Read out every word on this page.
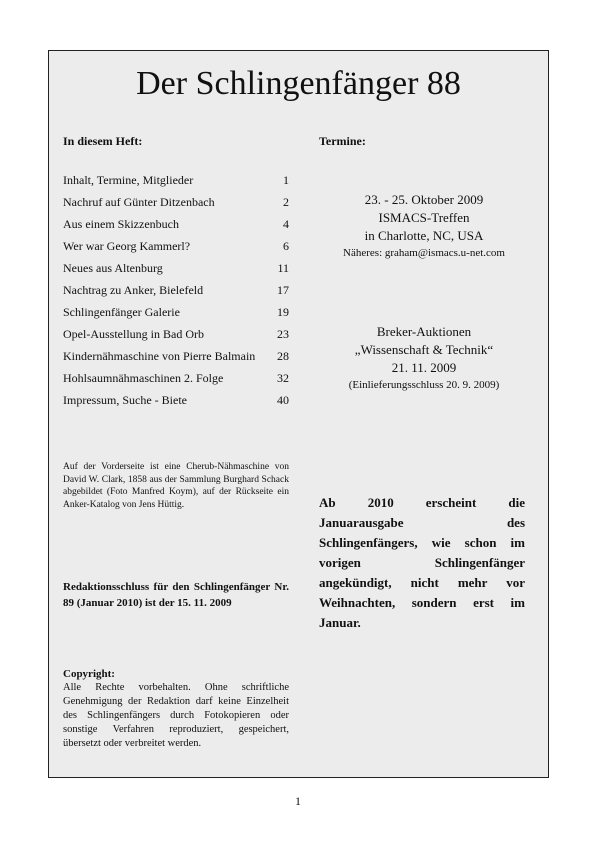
Der Schlingenfänger 88
In diesem Heft:	Termine:
Inhalt, Termine, Mitglieder	1
Nachruf auf Günter Ditzenbach	2
Aus einem Skizzenbuch	4
Wer war Georg Kammerl?	6
Neues aus Altenburg	11
Nachtrag zu Anker, Bielefeld	17
Schlingenfänger Galerie	19
Opel-Ausstellung in Bad Orb	23
Kindernähmaschine von Pierre Balmain	28
Hohlsaumnähmaschinen 2. Folge	32
Impressum, Suche - Biete	40
23. - 25. Oktober 2009
ISMACS-Treffen
in Charlotte, NC, USA
Näheres: graham@ismacs.u-net.com
Breker-Auktionen
„Wissenschaft & Technik“
21. 11. 2009
(Einlieferungsschluss 20. 9. 2009)
Auf der Vorderseite ist eine Cherub-Nähmaschine von David W. Clark, 1858 aus der Sammlung Burghard Schack abgebildet (Foto Manfred Koym), auf der Rückseite ein Anker-Katalog von Jens Hüttig.
Redaktionsschluss für den Schlingenfänger Nr. 89 (Januar 2010) ist der 15. 11. 2009
Ab 2010 erscheint die Januarausgabe des Schlingenfängers, wie schon im vorigen Schlingenfänger angekündigt, nicht mehr vor Weihnachten, sondern erst im Januar.
Copyright:
Alle Rechte vorbehalten. Ohne schriftliche Genehmigung der Redaktion darf keine Einzelheit des Schlingenfängers durch Fotokopieren oder sonstige Verfahren reproduziert, gespeichert, übersetzt oder verbreitet werden.
1
